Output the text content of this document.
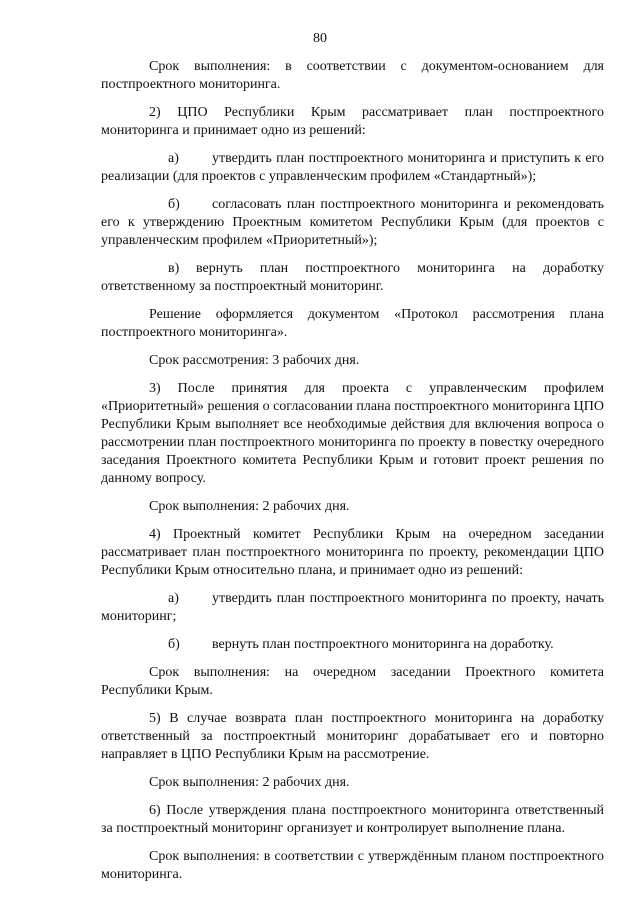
80

Срок выполнения: в соответствии с документом-основанием для постпроектного мониторинга.

2) ЦПО Республики Крым рассматривает план постпроектного мониторинга и принимает одно из решений:

а) утвердить план постпроектного мониторинга и приступить к его реализации (для проектов с управленческим профилем «Стандартный»);

б) согласовать план постпроектного мониторинга и рекомендовать его к утверждению Проектным комитетом Республики Крым (для проектов с управленческим профилем «Приоритетный»);

в) вернуть план постпроектного мониторинга на доработку ответственному за постпроектный мониторинг.

Решение оформляется документом «Протокол рассмотрения плана постпроектного мониторинга».

Срок рассмотрения: 3 рабочих дня.

3) После принятия для проекта с управленческим профилем «Приоритетный» решения о согласовании плана постпроектного мониторинга ЦПО Республики Крым выполняет все необходимые действия для включения вопроса о рассмотрении план постпроектного мониторинга по проекту в повестку очередного заседания Проектного комитета Республики Крым и готовит проект решения по данному вопросу.

Срок выполнения: 2 рабочих дня.

4) Проектный комитет Республики Крым на очередном заседании рассматривает план постпроектного мониторинга по проекту, рекомендации ЦПО Республики Крым относительно плана, и принимает одно из решений:

а) утвердить план постпроектного мониторинга по проекту, начать мониторинг;

б) вернуть план постпроектного мониторинга на доработку.

Срок выполнения: на очередном заседании Проектного комитета Республики Крым.

5) В случае возврата план постпроектного мониторинга на доработку ответственный за постпроектный мониторинг дорабатывает его и повторно направляет в ЦПО Республики Крым на рассмотрение.

Срок выполнения: 2 рабочих дня.

6) После утверждения плана постпроектного мониторинга ответственный за постпроектный мониторинг организует и контролирует выполнение плана.

Срок выполнения: в соответствии с утверждённым планом постпроектного мониторинга.
